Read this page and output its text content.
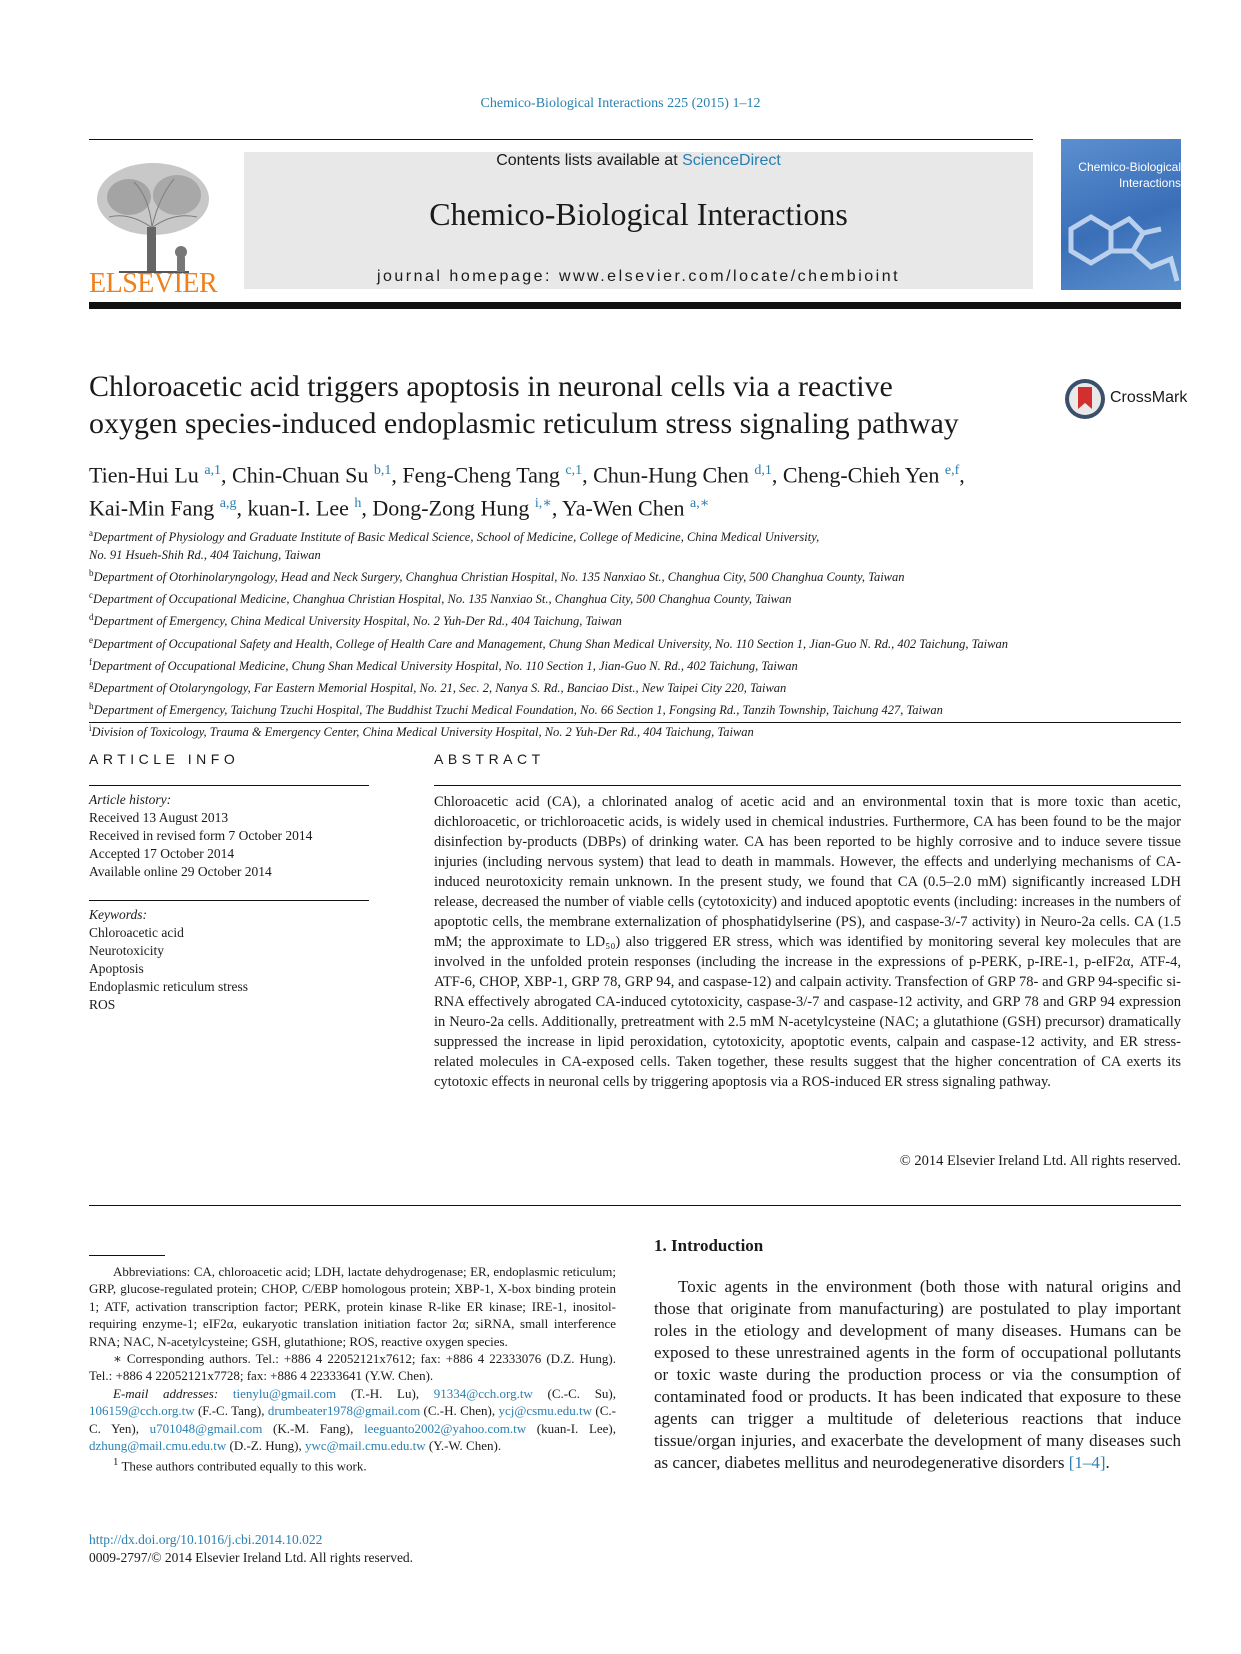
Chemico-Biological Interactions 225 (2015) 1–12
ELSEVIER
Contents lists available at ScienceDirect
Chemico-Biological Interactions
journal homepage: www.elsevier.com/locate/chembioint
Chemico-Biological Interactions
Chloroacetic acid triggers apoptosis in neuronal cells via a reactive
oxygen species-induced endoplasmic reticulum stress signaling pathway
CrossMark
Tien-Hui Lu $^{a,1}$, Chin-Chuan Su $^{b,1}$, Feng-Cheng Tang $^{c,1}$, Chun-Hung Chen $^{d,1}$, Cheng-Chieh Yen $^{e,f}$,
Kai-Min Fang $^{a,g}$, kuan-I. Lee $^h$, Dong-Zong Hung $^{i,∗}$, Ya-Wen Chen $^{a,∗}$
$^a$Department of Physiology and Graduate Institute of Basic Medical Science, School of Medicine, College of Medicine, China Medical University,
No. 91 Hsueh-Shih Rd., 404 Taichung, Taiwan
$^b$Department of Otorhinolaryngology, Head and Neck Surgery, Changhua Christian Hospital, No. 135 Nanxiao St., Changhua City, 500 Changhua County, Taiwan
$^c$Department of Occupational Medicine, Changhua Christian Hospital, No. 135 Nanxiao St., Changhua City, 500 Changhua County, Taiwan
$^d$Department of Emergency, China Medical University Hospital, No. 2 Yuh-Der Rd., 404 Taichung, Taiwan
$^e$Department of Occupational Safety and Health, College of Health Care and Management, Chung Shan Medical University, No. 110 Section 1, Jian-Guo N. Rd., 402 Taichung, Taiwan
$^f$Department of Occupational Medicine, Chung Shan Medical University Hospital, No. 110 Section 1, Jian-Guo N. Rd., 402 Taichung, Taiwan
$^g$Department of Otolaryngology, Far Eastern Memorial Hospital, No. 21, Sec. 2, Nanya S. Rd., Banciao Dist., New Taipei City 220, Taiwan
$^h$Department of Emergency, Taichung Tzuchi Hospital, The Buddhist Tzuchi Medical Foundation, No. 66 Section 1, Fongsing Rd., Tanzih Township, Taichung 427, Taiwan
$^i$Division of Toxicology, Trauma & Emergency Center, China Medical University Hospital, No. 2 Yuh-Der Rd., 404 Taichung, Taiwan
ARTICLE INFO
Article history:
Received 13 August 2013
Received in revised form 7 October 2014
Accepted 17 October 2014
Available online 29 October 2014
Keywords:
Chloroacetic acid
Neurotoxicity
Apoptosis
Endoplasmic reticulum stress
ROS
ABSTRACT
Chloroacetic acid (CA), a chlorinated analog of acetic acid and an environmental toxin that is more toxic than acetic, dichloroacetic, or trichloroacetic acids, is widely used in chemical industries. Furthermore, CA has been found to be the major disinfection by-products (DBPs) of drinking water. CA has been reported to be highly corrosive and to induce severe tissue injuries (including nervous system) that lead to death in mammals. However, the effects and underlying mechanisms of CA-induced neurotoxicity remain unknown. In the present study, we found that CA (0.5–2.0 mM) significantly increased LDH release, decreased the number of viable cells (cytotoxicity) and induced apoptotic events (including: increases in the numbers of apoptotic cells, the membrane externalization of phosphatidylserine (PS), and caspase-3/-7 activity) in Neuro-2a cells. CA (1.5 mM; the approximate to LD₅₀) also triggered ER stress, which was identified by monitoring several key molecules that are involved in the unfolded protein responses (including the increase in the expressions of p-PERK, p-IRE-1, p-eIF2α, ATF-4, ATF-6, CHOP, XBP-1, GRP 78, GRP 94, and caspase-12) and calpain activity. Transfection of GRP 78- and GRP 94-specific si-RNA effectively abrogated CA-induced cytotoxicity, caspase-3/-7 and caspase-12 activity, and GRP 78 and GRP 94 expression in Neuro-2a cells. Additionally, pretreatment with 2.5 mM N-acetylcysteine (NAC; a glutathione (GSH) precursor) dramatically suppressed the increase in lipid peroxidation, cytotoxicity, apoptotic events, calpain and caspase-12 activity, and ER stress-related molecules in CA-exposed cells. Taken together, these results suggest that the higher concentration of CA exerts its cytotoxic effects in neuronal cells by triggering apoptosis via a ROS-induced ER stress signaling pathway.
© 2014 Elsevier Ireland Ltd. All rights reserved.
Abbreviations: CA, chloroacetic acid; LDH, lactate dehydrogenase; ER, endoplasmic reticulum; GRP, glucose-regulated protein; CHOP, C/EBP homologous protein; XBP-1, X-box binding protein 1; ATF, activation transcription factor; PERK, protein kinase R-like ER kinase; IRE-1, inositol-requiring enzyme-1; eIF2α, eukaryotic translation initiation factor 2α; siRNA, small interference RNA; NAC, N-acetylcysteine; GSH, glutathione; ROS, reactive oxygen species.
∗ Corresponding authors. Tel.: +886 4 22052121x7612; fax: +886 4 22333076 (D.Z. Hung). Tel.: +886 4 22052121x7728; fax: +886 4 22333641 (Y.W. Chen).
E-mail addresses: tienylu@gmail.com (T.-H. Lu), 91334@cch.org.tw (C.-C. Su), 106159@cch.org.tw (F.-C. Tang), drumbeater1978@gmail.com (C.-H. Chen), ycj@csmu.edu.tw (C.-C. Yen), u701048@gmail.com (K.-M. Fang), leeguanto2002@yahoo.com.tw (kuan-I. Lee), dzhung@mail.cmu.edu.tw (D.-Z. Hung), ywc@mail.cmu.edu.tw (Y.-W. Chen).
$^1$ These authors contributed equally to this work.
http://dx.doi.org/10.1016/j.cbi.2014.10.022
0009-2797/© 2014 Elsevier Ireland Ltd. All rights reserved.
1. Introduction
Toxic agents in the environment (both those with natural origins and those that originate from manufacturing) are postulated to play important roles in the etiology and development of many diseases. Humans can be exposed to these unrestrained agents in the form of occupational pollutants or toxic waste during the production process or via the consumption of contaminated food or products. It has been indicated that exposure to these agents can trigger a multitude of deleterious reactions that induce tissue/organ injuries, and exacerbate the development of many diseases such as cancer, diabetes mellitus and neurodegenerative disorders [1–4].
